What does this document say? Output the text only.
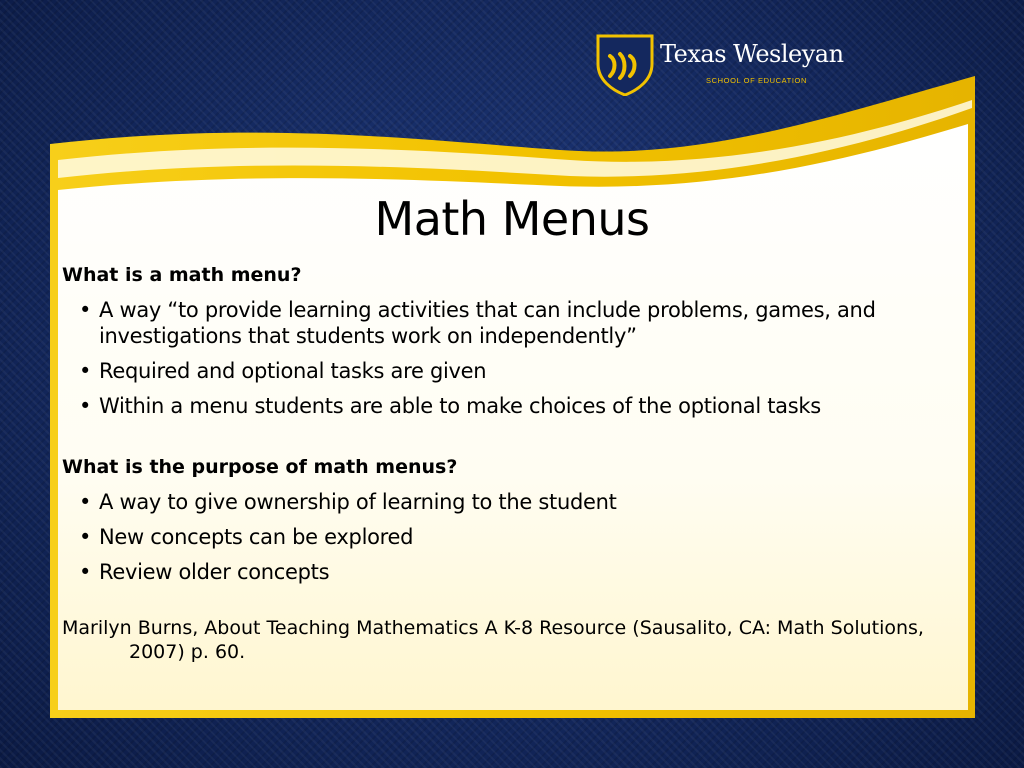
Texas Wesleyan
SCHOOL OF EDUCATION
Math Menus

What is a math menu?

• A way “to provide learning activities that can include problems, games, and investigations that students work on independently”

• Required and optional tasks are given

• Within a menu students are able to make choices of the optional tasks

What is the purpose of math menus?

• A way to give ownership of learning to the student

• New concepts can be explored

• Review older concepts

Marilyn Burns, About Teaching Mathematics A K-8 Resource (Sausalito, CA: Math Solutions, 2007) p. 60.
